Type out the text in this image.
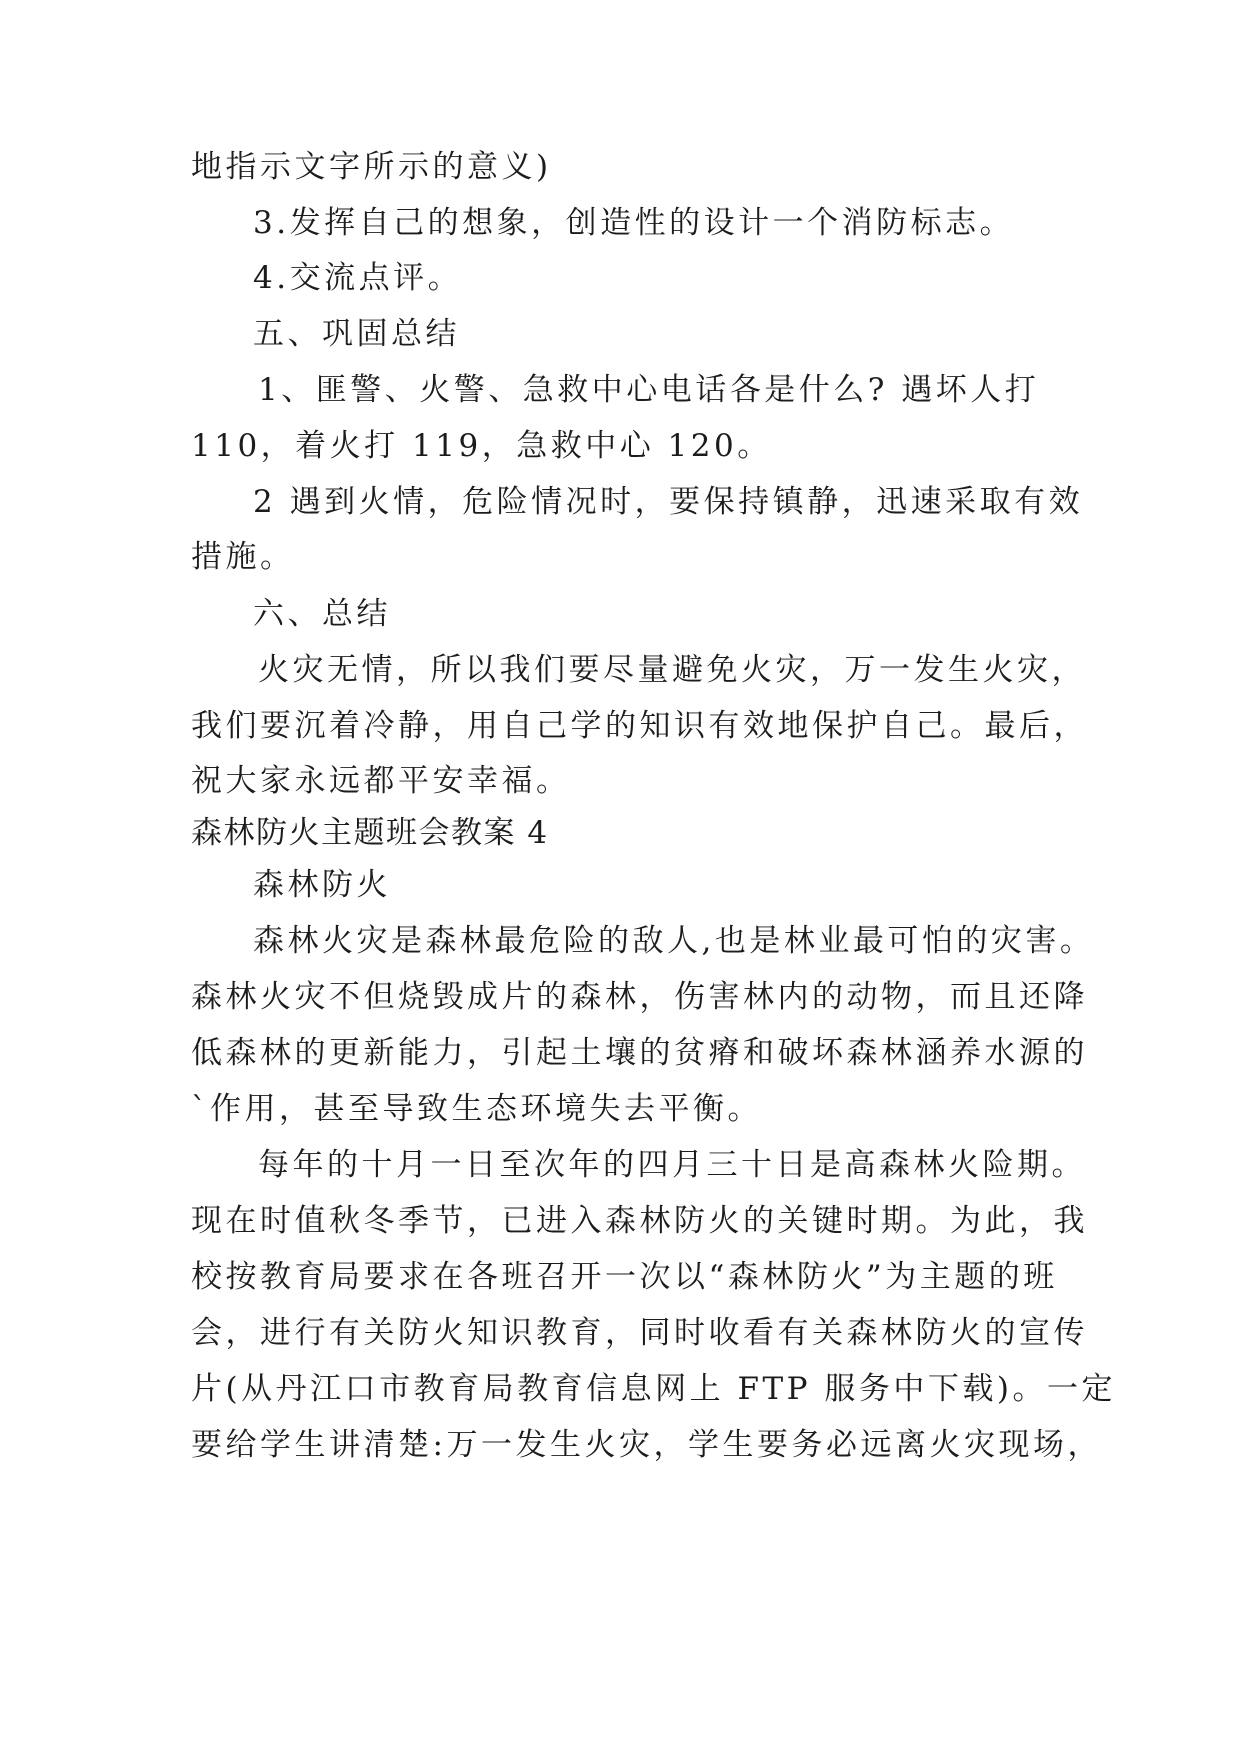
地指示文字所示的意义)
3.发挥自己的想象，创造性的设计一个消防标志。
4.交流点评。
五、巩固总结
1、匪警、火警、急救中心电话各是什么? 遇坏人打
110，着火打 119，急救中心 120。
2 遇到火情，危险情况时，要保持镇静，迅速采取有效
措施。
六、总结
火灾无情，所以我们要尽量避免火灾，万一发生火灾，
我们要沉着冷静，用自己学的知识有效地保护自己。最后，
祝大家永远都平安幸福。
森林防火主题班会教案 4
森林防火
森林火灾是森林最危险的敌人,也是林业最可怕的灾害。
森林火灾不但烧毁成片的森林，伤害林内的动物，而且还降
低森林的更新能力，引起土壤的贫瘠和破坏森林涵养水源的
`作用，甚至导致生态环境失去平衡。
每年的十月一日至次年的四月三十日是高森林火险期。
现在时值秋冬季节，已进入森林防火的关键时期。为此，我
校按教育局要求在各班召开一次以“森林防火”为主题的班
会，进行有关防火知识教育，同时收看有关森林防火的宣传
片(从丹江口市教育局教育信息网上 FTP 服务中下载)。一定
要给学生讲清楚:万一发生火灾，学生要务必远离火灾现场，
